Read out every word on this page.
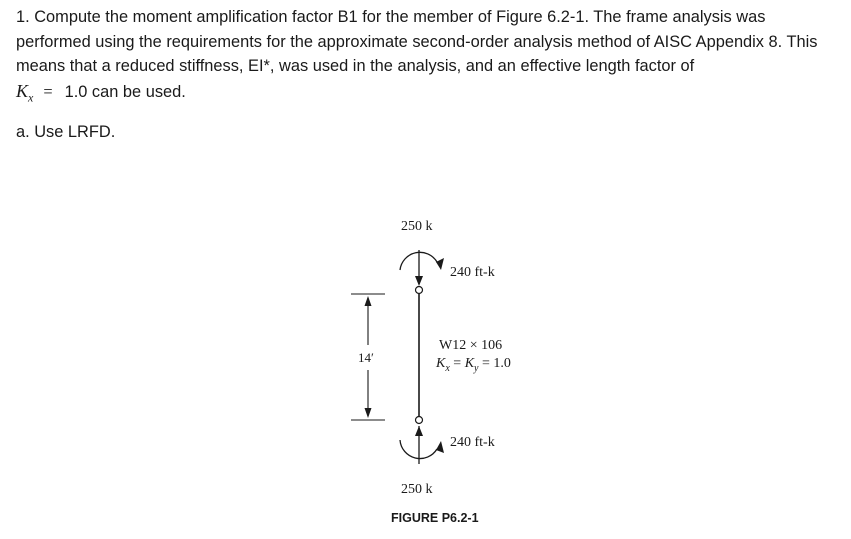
1. Compute the moment amplification factor B1 for the member of Figure 6.2-1. The frame analysis was performed using the requirements for the approximate second-order analysis method of AISC Appendix 8. This means that a reduced stiffness, EI*, was used in the analysis, and an effective length factor of
$K_x = 1.0$ can be used.

a. Use LRFD.
250 k
240 ft-k
240 ft-k
250 k
W12 × 106
$K_x = K_y = 1.0$
14′
FIGURE P6.2-1
